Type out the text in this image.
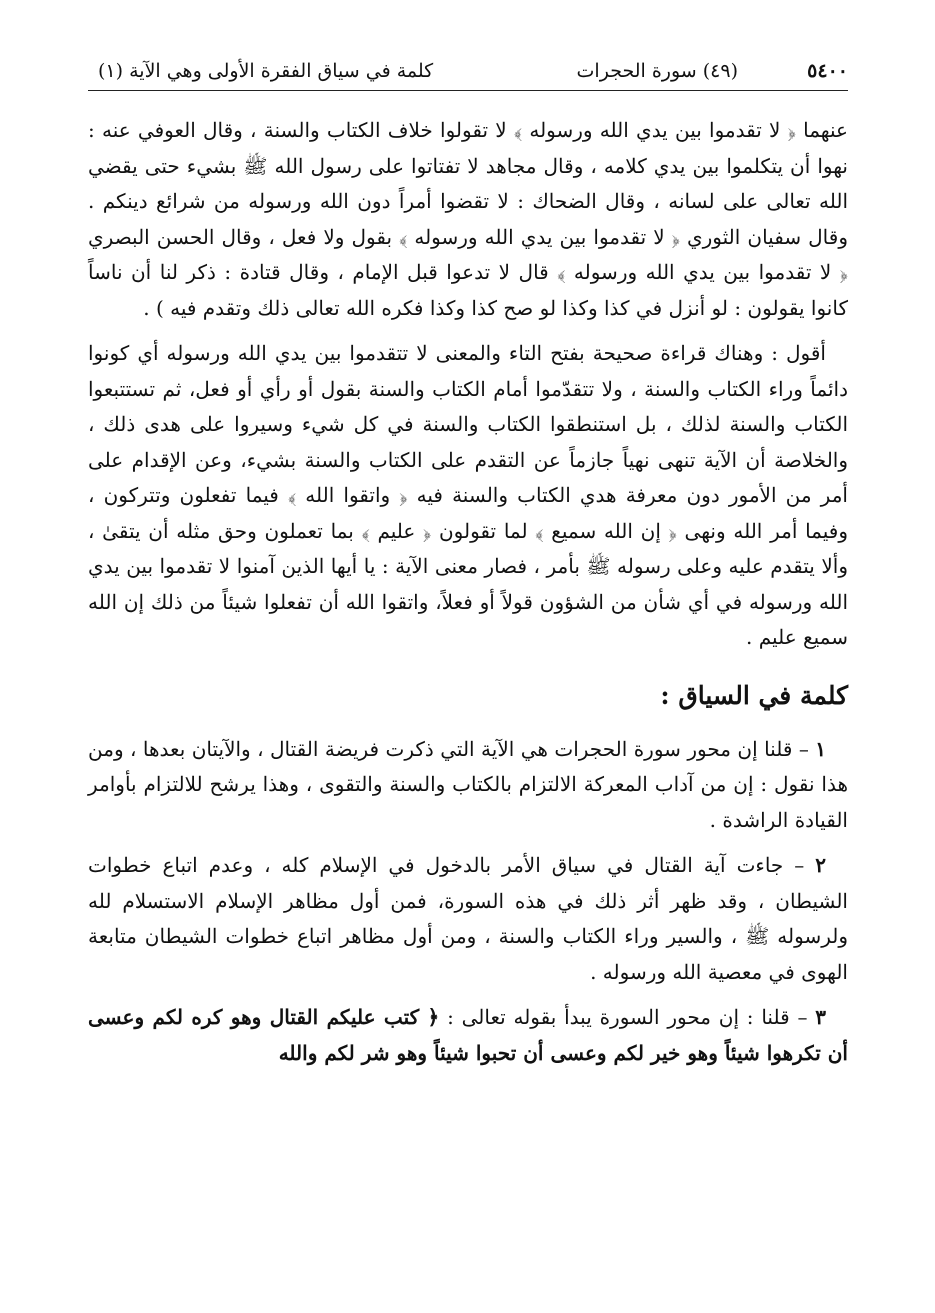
٥٤٠٠
(٤٩) سورة الحجرات
كلمة في سياق الفقرة الأولى وهي الآية (١)

عنهما ﴿ لا تقدموا بين يدي الله ورسوله ﴾ لا تقولوا خلاف الكتاب والسنة ، وقال العوفي عنه : نهوا أن يتكلموا بين يدي كلامه ، وقال مجاهد لا تفتاتوا على رسول الله ﷺ بشيء حتى يقضي الله تعالى على لسانه ، وقال الضحاك : لا تقضوا أمراً دون الله ورسوله من شرائع دينكم . وقال سفيان الثوري ﴿ لا تقدموا بين يدي الله ورسوله ﴾ بقول ولا فعل ، وقال الحسن البصري ﴿ لا تقدموا بين يدي الله ورسوله ﴾ قال لا تدعوا قبل الإمام ، وقال قتادة : ذكر لنا أن ناساً كانوا يقولون : لو أنزل في كذا وكذا لو صح كذا وكذا فكره الله تعالى ذلك وتقدم فيه ) .

أقول : وهناك قراءة صحيحة بفتح التاء والمعنى لا تتقدموا بين يدي الله ورسوله أي كونوا دائماً وراء الكتاب والسنة ، ولا تتقدّموا أمام الكتاب والسنة بقول أو رأي أو فعل، ثم تستتبعوا الكتاب والسنة لذلك ، بل استنطقوا الكتاب والسنة في كل شيء وسيروا على هدى ذلك ، والخلاصة أن الآية تنهى نهياً جازماً عن التقدم على الكتاب والسنة بشيء، وعن الإقدام على أمر من الأمور دون معرفة هدي الكتاب والسنة فيه ﴿ واتقوا الله ﴾ فيما تفعلون وتتركون ، وفيما أمر الله ونهى ﴿ إن الله سميع ﴾ لما تقولون ﴿ عليم ﴾ بما تعملون وحق مثله أن يتقىٰ ، وألا يتقدم عليه وعلى رسوله ﷺ بأمر ، فصار معنى الآية : يا أيها الذين آمنوا لا تقدموا بين يدي الله ورسوله في أي شأن من الشؤون قولاً أو فعلاً، واتقوا الله أن تفعلوا شيئاً من ذلك إن الله سميع عليم .

كلمة في السياق :

١ – قلنا إن محور سورة الحجرات هي الآية التي ذكرت فريضة القتال ، والآيتان بعدها ، ومن هذا نقول : إن من آداب المعركة الالتزام بالكتاب والسنة والتقوى ، وهذا يرشح للالتزام بأوامر القيادة الراشدة .

٢ – جاءت آية القتال في سياق الأمر بالدخول في الإسلام كله ، وعدم اتباع خطوات الشيطان ، وقد ظهر أثر ذلك في هذه السورة، فمن أول مظاهر الإسلام الاستسلام لله ولرسوله ﷺ ، والسير وراء الكتاب والسنة ، ومن أول مظاهر اتباع خطوات الشيطان متابعة الهوى في معصية الله ورسوله .

٣ – قلنا : إن محور السورة يبدأ بقوله تعالى : ﴿ كتب عليكم القتال وهو كره لكم وعسى أن تكرهوا شيئاً وهو خير لكم وعسى أن تحبوا شيئاً وهو شر لكم والله
